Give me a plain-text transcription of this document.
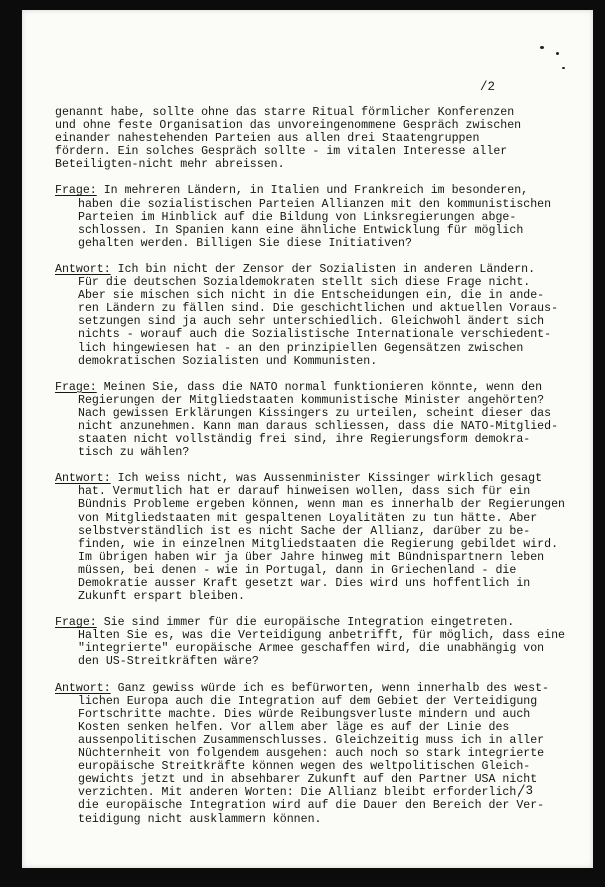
/2
genannt habe, sollte ohne das starre Ritual förmlicher Konferenzen
und ohne feste Organisation das unvoreingenommene Gespräch zwischen
einander nahestehenden Parteien aus allen drei Staatengruppen
fördern. Ein solches Gespräch sollte - im vitalen Interesse aller
Beteiligten-nicht mehr abreissen.
Frage: In mehreren Ländern, in Italien und Frankreich im besonderen,
haben die sozialistischen Parteien Allianzen mit den kommunistischen
Parteien im Hinblick auf die Bildung von Linksregierungen abge-
schlossen. In Spanien kann eine ähnliche Entwicklung für möglich
gehalten werden. Billigen Sie diese Initiativen?
Antwort: Ich bin nicht der Zensor der Sozialisten in anderen Ländern.
Für die deutschen Sozialdemokraten stellt sich diese Frage nicht.
Aber sie mischen sich nicht in die Entscheidungen ein, die in ande-
ren Ländern zu fällen sind. Die geschichtlichen und aktuellen Voraus-
setzungen sind ja auch sehr unterschiedlich. Gleichwohl ändert sich
nichts - worauf auch die Sozialistische Internationale verschiedent-
lich hingewiesen hat - an den prinzipiellen Gegensätzen zwischen
demokratischen Sozialisten und Kommunisten.
Frage: Meinen Sie, dass die NATO normal funktionieren könnte, wenn den
Regierungen der Mitgliedstaaten kommunistische Minister angehörten?
Nach gewissen Erklärungen Kissingers zu urteilen, scheint dieser das
nicht anzunehmen. Kann man daraus schliessen, dass die NATO-Mitglied-
staaten nicht vollständig frei sind, ihre Regierungsform demokra-
tisch zu wählen?
Antwort: Ich weiss nicht, was Aussenminister Kissinger wirklich gesagt
hat. Vermutlich hat er darauf hinweisen wollen, dass sich für ein
Bündnis Probleme ergeben können, wenn man es innerhalb der Regierungen
von Mitgliedstaaten mit gespaltenen Loyalitäten zu tun hätte. Aber
selbstverständlich ist es nicht Sache der Allianz, darüber zu be-
finden, wie in einzelnen Mitgliedstaaten die Regierung gebildet wird.
Im übrigen haben wir ja über Jahre hinweg mit Bündnispartnern leben
müssen, bei denen - wie in Portugal, dann in Griechenland - die
Demokratie ausser Kraft gesetzt war. Dies wird uns hoffentlich in
Zukunft erspart bleiben.
Frage: Sie sind immer für die europäische Integration eingetreten.
Halten Sie es, was die Verteidigung anbetrifft, für möglich, dass eine
"integrierte" europäische Armee geschaffen wird, die unabhängig von
den US-Streitkräften wäre?
Antwort: Ganz gewiss würde ich es befürworten, wenn innerhalb des west-
lichen Europa auch die Integration auf dem Gebiet der Verteidigung
Fortschritte machte. Dies würde Reibungsverluste mindern und auch
Kosten senken helfen. Vor allem aber läge es auf der Linie des
aussenpolitischen Zusammenschlusses. Gleichzeitig muss ich in aller
Nüchternheit von folgendem ausgehen: auch noch so stark integrierte
europäische Streitkräfte können wegen des weltpolitischen Gleich-
gewichts jetzt und in absehbarer Zukunft auf den Partner USA nicht
verzichten. Mit anderen Worten: Die Allianz bleibt erforderlich,
die europäische Integration wird auf die Dauer den Bereich der Ver-
teidigung nicht ausklammern können.
/3
